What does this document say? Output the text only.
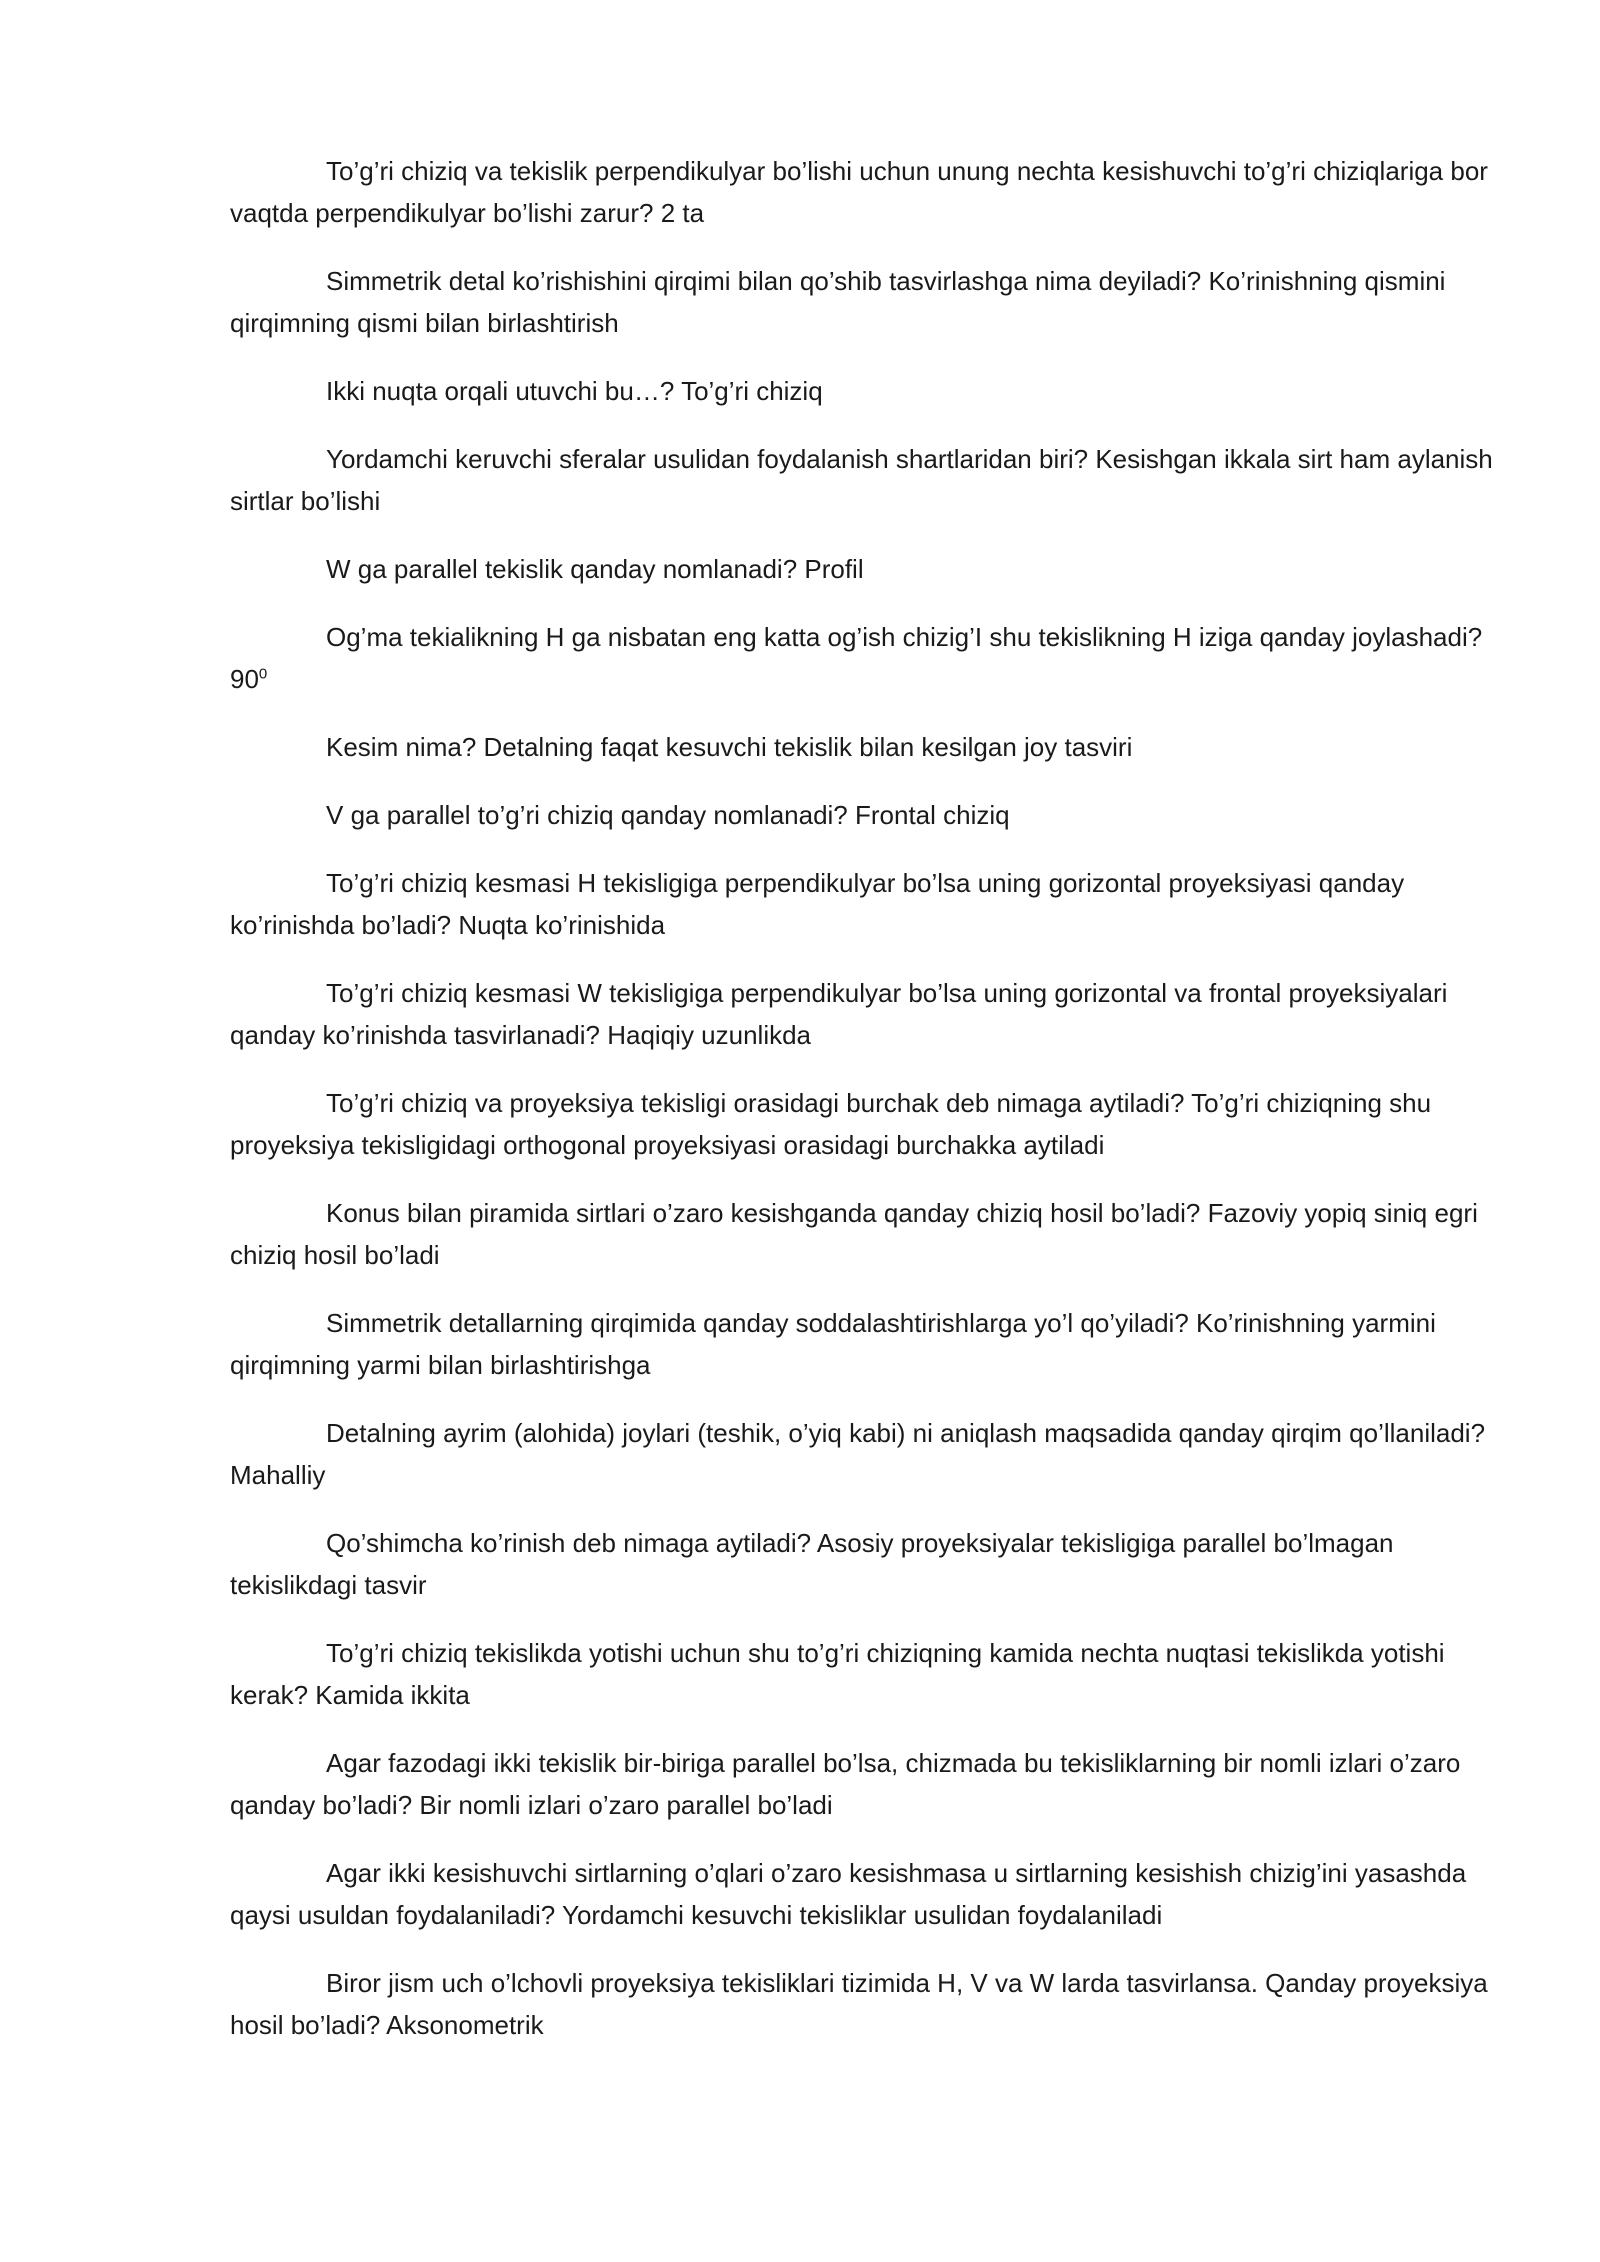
To’g’ri chiziq va tekislik perpendikulyar bo’lishi uchun unung nechta kesishuvchi to’g’ri chiziqlariga bor vaqtda perpendikulyar bo’lishi zarur? 2 ta

Simmetrik detal ko’rishishini qirqimi bilan qo’shib tasvirlashga nima deyiladi? Ko’rinishning qismini qirqimning qismi bilan birlashtirish

Ikki nuqta orqali utuvchi bu…? To’g’ri chiziq

Yordamchi keruvchi sferalar usulidan foydalanish shartlaridan biri? Kesishgan ikkala sirt ham aylanish sirtlar bo’lishi

W ga parallel tekislik qanday nomlanadi? Profil

Og’ma tekialikning H ga nisbatan eng katta og’ish chizig’I shu tekislikning H iziga qanday joylashadi? $90^0$

Kesim nima? Detalning faqat kesuvchi tekislik bilan kesilgan joy tasviri

V ga parallel to’g’ri chiziq qanday nomlanadi? Frontal chiziq

To’g’ri chiziq kesmasi H tekisligiga perpendikulyar bo’lsa uning gorizontal proyeksiyasi qanday ko’rinishda bo’ladi? Nuqta ko’rinishida

To’g’ri chiziq kesmasi W tekisligiga perpendikulyar bo’lsa uning gorizontal va frontal proyeksiyalari qanday ko’rinishda tasvirlanadi? Haqiqiy uzunlikda

To’g’ri chiziq va proyeksiya tekisligi orasidagi burchak deb nimaga aytiladi? To’g’ri chiziqning shu proyeksiya tekisligidagi orthogonal proyeksiyasi orasidagi burchakka aytiladi

Konus bilan piramida sirtlari o’zaro kesishganda qanday chiziq hosil bo’ladi? Fazoviy yopiq siniq egri chiziq hosil bo’ladi

Simmetrik detallarning qirqimida qanday soddalashtirishlarga yo’l qo’yiladi? Ko’rinishning yarmini qirqimning yarmi bilan birlashtirishga

Detalning ayrim (alohida) joylari (teshik, o’yiq kabi) ni aniqlash maqsadida qanday qirqim qo’llaniladi? Mahalliy

Qo’shimcha ko’rinish deb nimaga aytiladi? Asosiy proyeksiyalar tekisligiga parallel bo’lmagan tekislikdagi tasvir

To’g’ri chiziq tekislikda yotishi uchun shu to’g’ri chiziqning kamida nechta nuqtasi tekislikda yotishi kerak? Kamida ikkita

Agar fazodagi ikki tekislik bir-biriga parallel bo’lsa, chizmada bu tekisliklarning bir nomli izlari o’zaro qanday bo’ladi? Bir nomli izlari o’zaro parallel bo’ladi

Agar ikki kesishuvchi sirtlarning o’qlari o’zaro kesishmasa u sirtlarning kesishish chizig’ini yasashda qaysi usuldan foydalaniladi? Yordamchi kesuvchi tekisliklar usulidan foydalaniladi

Biror jism uch o’lchovli proyeksiya tekisliklari tizimida H, V va W larda tasvirlansa. Qanday proyeksiya hosil bo’ladi? Aksonometrik
